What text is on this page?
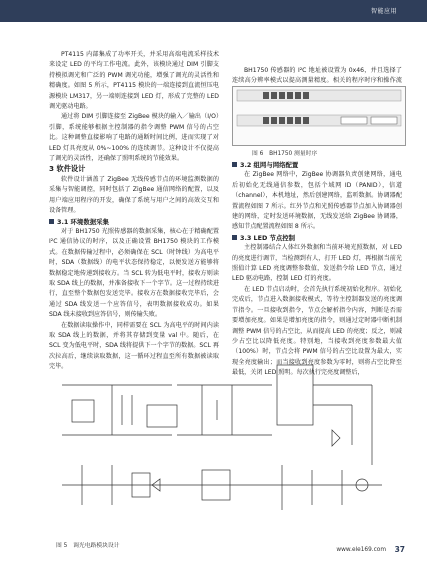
智能应用

PT4115 内部集成了功率开关，并采用高端电流采样技术来设定 LED 的平均工作电流。此外，该模块通过 DIM 引脚支持模拟调光和广泛的 PWM 调光功能，增强了调光的灵活性和精确度。如图 5 所示，PT4115 模块的一端连接到直流恒压电源模块 LM317，另一端则连接到 LED 灯，形成了完整的 LED 调光驱动电路。

通过将 DIM 引脚连接至 ZigBee 模块的输入／输出（I/O）引脚，系统能够根据主控制器的指令调整 PWM 信号的占空比。这种调整直接影响了电路的通断时间比例，进而实现了对 LED 灯具亮度从 0%~100% 的连续调节。这种设计不仅提高了调光的灵活性，还确保了照明系统的节能效果。

3 软件设计

软件设计涵盖了 ZigBee 无线传感节点的环境监测数据的采集与智能调控，同时包括了 ZigBee 通信网络的配置，以及用户端应用程序的开发，确保了系统与用户之间的高效交互和设备管理。

3.1 环境数据采集

对于 BH1750 光照传感器的数据采集，核心在于精确配置 I²C 通信协议的时序，以及正确设置 BH1750 模块的工作模式。在数据传输过程中，必须确保在 SCL（时钟线）为高电平时，SDA（数据线）的电平状态保持稳定，以便发送方能够将数据稳定地传递到接收方。当 SCL 转为低电平时，接收方则读取 SDA 线上的数据，并准备接收下一个字节。这一过程持续进行，直至整个数据包发送完毕。接收方在数据接收完毕后，会通过 SDA 线发送一个应答信号，表明数据接收成功。如果 SDA 线未接收到应答信号，则传输失败。

在数据读取操作中，同样需要在 SCL 为高电平的时间内读取 SDA 线上的数据，并将其存储到变量 val 中。随后，在 SCL 变为低电平时，SDA 线将提供下一个字节的数据。SCL 再次拉高后，继续读取数据，这一循环过程直至所有数据被读取完毕。

BH1750 传感器的 I²C 地址被设置为 0x46，并且选择了连续高分辨率模式以提高测量精度。相关的程序时序和操作流

图 6　BH1750 测量时序

3.2 组网与网络配置

在 ZigBee 网络中，ZigBee 协调器负责创建网络，通电后初始化无线通信参数，包括个域网 ID（PANID），信道（channel），本机地址，然后创建网络，监听数据。协调器配置流程如图 7 所示。红外节点和光照传感器节点加入协调器创建的网络，定时发送环境数据，无线发送给 ZigBee 协调器，感知节点配置流程如图 8 所示。

3.3 LED 节点控制

主控制器结合人体红外数据和当前环境光照数据，对 LED 的亮度进行调节，当检测到有人，打开 LED 灯，再根据当前光照值计算 LED 亮度调整参数值，发送指令给 LED 节点，通过 LED 驱动电路，控制 LED 灯的亮度。

在 LED 节点启动时，会首先执行系统初始化程序。初始化完成后，节点进入数据接收模式，等待主控制器发送的亮度调节指令。一旦接收到指令，节点会解析指令内容，判断是否需要增加亮度。如果是增加亮度的指令，则通过定时器中断机制调整 PWM 信号的占空比，从而提高 LED 的亮度；反之，则减少占空比以降低亮度。特别地，当接收到亮度参数最大值（100%）时，节点会将 PWM 信号的占空比设置为最大，实现全亮度输出；而当接收到亮度参数为零时，则将占空比降至最低，关闭 LED 照明。每次执行完亮度调整后，

图 5　调光电路模块设计
www.ele169.com 37
